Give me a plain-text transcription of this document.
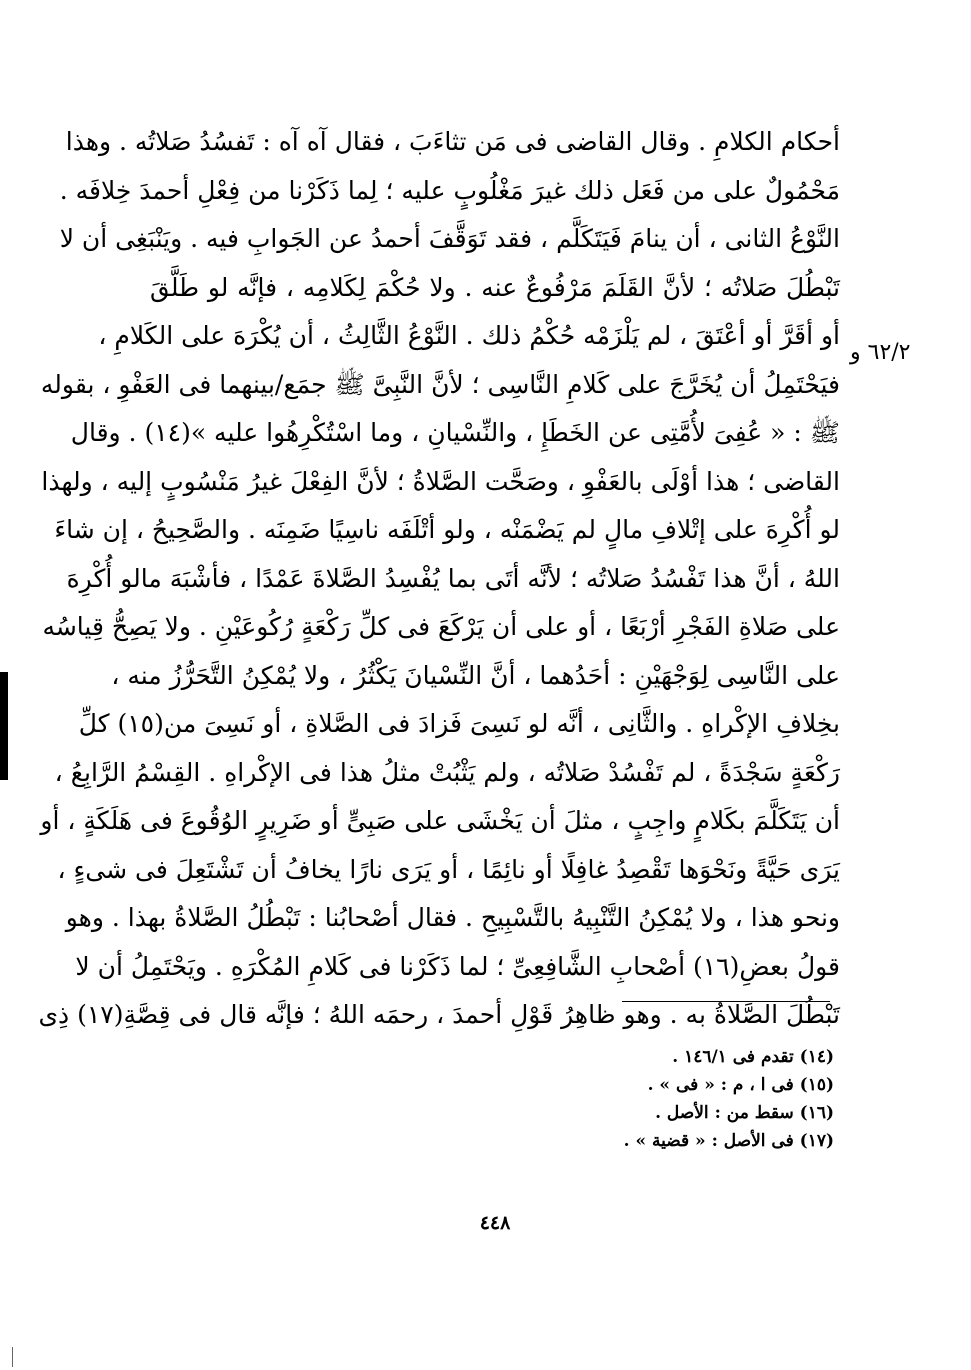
٦٢/٢ و
أحكام الكلامِ . وقال القاضى فى مَن تثاءَبَ ، فقال آه آه : تَفسُدُ صَلاتُه . وهذا
مَحْمُولٌ على من فَعَل ذلك غيرَ مَغْلُوبٍ عليه ؛ لِما ذَكَرْنا من فِعْلِ أحمدَ خِلافَه .
النَّوْعُ الثانى ، أن ينامَ فَيَتَكَلَّم ، فقد تَوَقَّفَ أحمدُ عن الجَوابِ فيه . ويَنْبَغِى أن لا
تَبْطُلَ صَلاتُه ؛ لأنَّ القَلَمَ مَرْفُوعٌ عنه . ولا حُكْمَ لِكَلامِه ، فإنَّه لو طَلَّقَ
أو أقَرَّ أو أعْتَقَ ، لم يَلْزَمْه حُكْمُ ذلك . النَّوْعُ الثَّالِثُ ، أن يُكْرَهَ على الكَلامِ ،
فيَحْتَمِلُ أن يُخَرَّجَ على كَلامِ النَّاسِى ؛ لأنَّ النَّبِىَّ ﷺ جمَع/بينهما فى العَفْوِ ، بقوله
ﷺ : « عُفِىَ لأُمَّتِى عن الخَطَإِ ، والنِّسْيانِ ، وما اسْتُكْرِهُوا عليه »(١٤) . وقال
القاضى ؛ هذا أوْلَى بالعَفْوِ ، وصَحَّت الصَّلاةُ ؛ لأنَّ الفِعْلَ غيرُ مَنْسُوبٍ إليه ، ولهذا
لو أُكْرِهَ على إتْلافِ مالٍ لم يَضْمَنْه ، ولو أتْلَفَه ناسِيًا ضَمِنَه . والصَّحِيحُ ، إن شاءَ
اللهُ ، أنَّ هذا تَفْسُدُ صَلاتُه ؛ لأنَّه أتَى بما يُفْسِدُ الصَّلاةَ عَمْدًا ، فأشْبَهَ مالو أُكْرِهَ
على صَلاةِ الفَجْرِ أرْبَعًا ، أو على أن يَرْكَعَ فى كلِّ رَكْعَةٍ رُكُوعَيْنِ . ولا يَصِحُّ قِياسُه
على النَّاسِى لِوَجْهَيْنِ : أحَدُهما ، أنَّ النِّسْيانَ يَكْثُرُ ، ولا يُمْكِنُ التَّحَرُّزُ منه ،
بخِلافِ الإكْراهِ . والثَّانِى ، أنَّه لو نَسِىَ فَزادَ فى الصَّلاةِ ، أو نَسِىَ من(١٥) كلِّ
رَكْعَةٍ سَجْدَةً ، لم تَفْسُدْ صَلاتُه ، ولم يَثْبُتْ مثلُ هذا فى الإكْراهِ . القِسْمُ الرَّابِعُ ،
أن يَتَكَلَّمَ بكَلامٍ واجِبٍ ، مثلَ أن يَخْشَى على صَبِىٍّ أو ضَرِيرٍ الوُقُوعَ فى هَلَكَةٍ ، أو
يَرَى حَيَّةً ونَحْوَها تَقْصِدُ غافِلًا أو نائِمًا ، أو يَرَى نارًا يخافُ أن تَشْتَعِلَ فى شىءٍ ،
ونحو هذا ، ولا يُمْكِنُ التَّنْبِيهُ بالتَّسْبِيحِ . فقال أصْحابُنا : تَبْطُلُ الصَّلاةُ بهذا . وهو
قولُ بعضِ(١٦) أصْحابِ الشَّافِعِىِّ ؛ لما ذَكَرْنا فى كَلامِ المُكْرَهِ . ويَحْتَمِلُ أن لا
تَبْطُلَ الصَّلاةُ به . وهو ظاهِرُ قَوْلِ أحمدَ ، رحمَه اللهُ ؛ فإنَّه قال فى قِصَّةِ(١٧) ذِى
(١٤) تقدم فى ١٤٦/١ .
(١٥) فى ا ، م : « فى » .
(١٦) سقط من : الأصل .
(١٧) فى الأصل : « قضية » .
٤٤٨
